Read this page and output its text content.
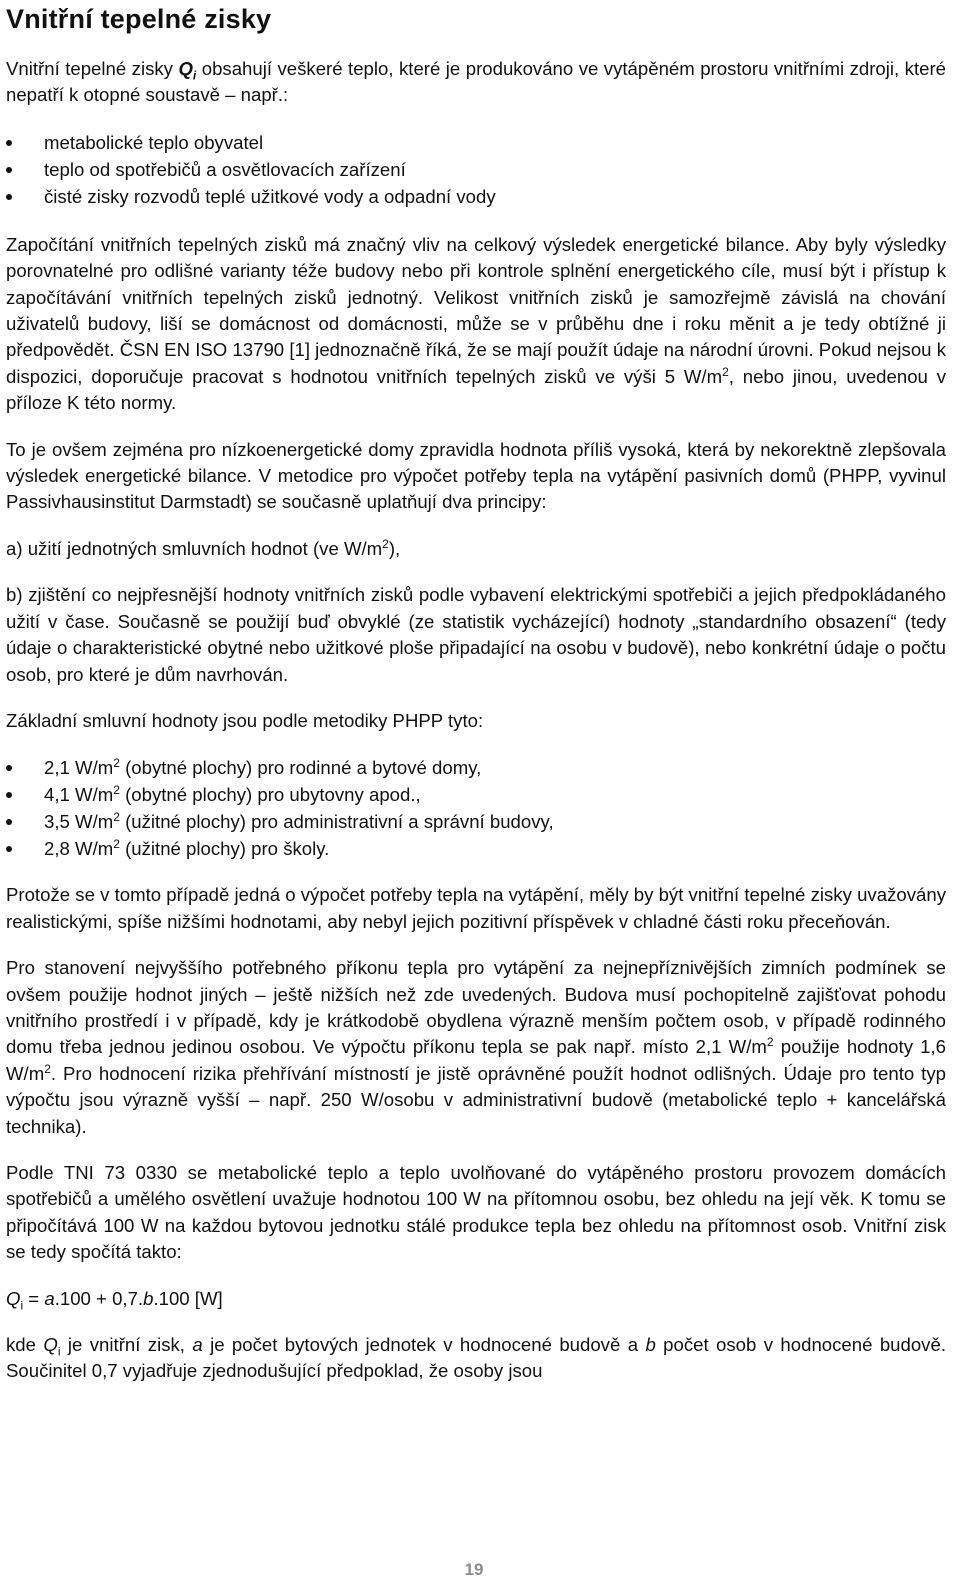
Vnitřní tepelné zisky

Vnitřní tepelné zisky $Q_i$ obsahují veškeré teplo, které je produkováno ve vytápěném prostoru vnitřními zdroji, které nepatří k otopné soustavě – např.:

metabolické teplo obyvatel
teplo od spotřebičů a osvětlovacích zařízení
čisté zisky rozvodů teplé užitkové vody a odpadní vody

Započítání vnitřních tepelných zisků má značný vliv na celkový výsledek energetické bilance. Aby byly výsledky porovnatelné pro odlišné varianty téže budovy nebo při kontrole splnění energetického cíle, musí být i přístup k započítávání vnitřních tepelných zisků jednotný. Velikost vnitřních zisků je samozřejmě závislá na chování uživatelů budovy, liší se domácnost od domácnosti, může se v průběhu dne i roku měnit a je tedy obtížné ji předpovědět. ČSN EN ISO 13790 [1] jednoznačně říká, že se mají použít údaje na národní úrovni. Pokud nejsou k dispozici, doporučuje pracovat s hodnotou vnitřních tepelných zisků ve výši 5 $W/m^2$, nebo jinou, uvedenou v příloze K této normy.

To je ovšem zejména pro nízkoenergetické domy zpravidla hodnota příliš vysoká, která by nekorektně zlepšovala výsledek energetické bilance. V metodice pro výpočet potřeby tepla na vytápění pasivních domů (PHPP, vyvinul Passivhausinstitut Darmstadt) se současně uplatňují dva principy:

a) užití jednotných smluvních hodnot (ve $W/m^2$),

b) zjištění co nejpřesnější hodnoty vnitřních zisků podle vybavení elektrickými spotřebiči a jejich předpokládaného užití v čase. Současně se použijí buď obvyklé (ze statistik vycházející) hodnoty „standardního obsazení“ (tedy údaje o charakteristické obytné nebo užitkové ploše připadající na osobu v budově), nebo konkrétní údaje o počtu osob, pro které je dům navrhován.

Základní smluvní hodnoty jsou podle metodiky PHPP tyto:

2,1 $W/m^2$ (obytné plochy) pro rodinné a bytové domy,
4,1 $W/m^2$ (obytné plochy) pro ubytovny apod.,
3,5 $W/m^2$ (užitné plochy) pro administrativní a správní budovy,
2,8 $W/m^2$ (užitné plochy) pro školy.

Protože se v tomto případě jedná o výpočet potřeby tepla na vytápění, měly by být vnitřní tepelné zisky uvažovány realistickými, spíše nižšími hodnotami, aby nebyl jejich pozitivní příspěvek v chladné části roku přeceňován.

Pro stanovení nejvyššího potřebného příkonu tepla pro vytápění za nejnepříznivějších zimních podmínek se ovšem použije hodnot jiných – ještě nižších než zde uvedených. Budova musí pochopitelně zajišťovat pohodu vnitřního prostředí i v případě, kdy je krátkodobě obydlena výrazně menším počtem osob, v případě rodinného domu třeba jednou jedinou osobou. Ve výpočtu příkonu tepla se pak např. místo 2,1 $W/m^2$ použije hodnoty 1,6 $W/m^2$. Pro hodnocení rizika přehřívání místností je jistě oprávněné použít hodnot odlišných. Údaje pro tento typ výpočtu jsou výrazně vyšší – např. 250 W/osobu v administrativní budově (metabolické teplo + kancelářská technika).

Podle TNI 73 0330 se metabolické teplo a teplo uvolňované do vytápěného prostoru provozem domácích spotřebičů a umělého osvětlení uvažuje hodnotou 100 W na přítomnou osobu, bez ohledu na její věk. K tomu se připočítává 100 W na každou bytovou jednotku stálé produkce tepla bez ohledu na přítomnost osob. Vnitřní zisk se tedy spočítá takto:

$Q_i = a.100 + 0,7.b.100$ [W]

kde $Q_i$ je vnitřní zisk, a je počet bytových jednotek v hodnocené budově a b počet osob v hodnocené budově. Součinitel 0,7 vyjadřuje zjednodušující předpoklad, že osoby jsou

19
